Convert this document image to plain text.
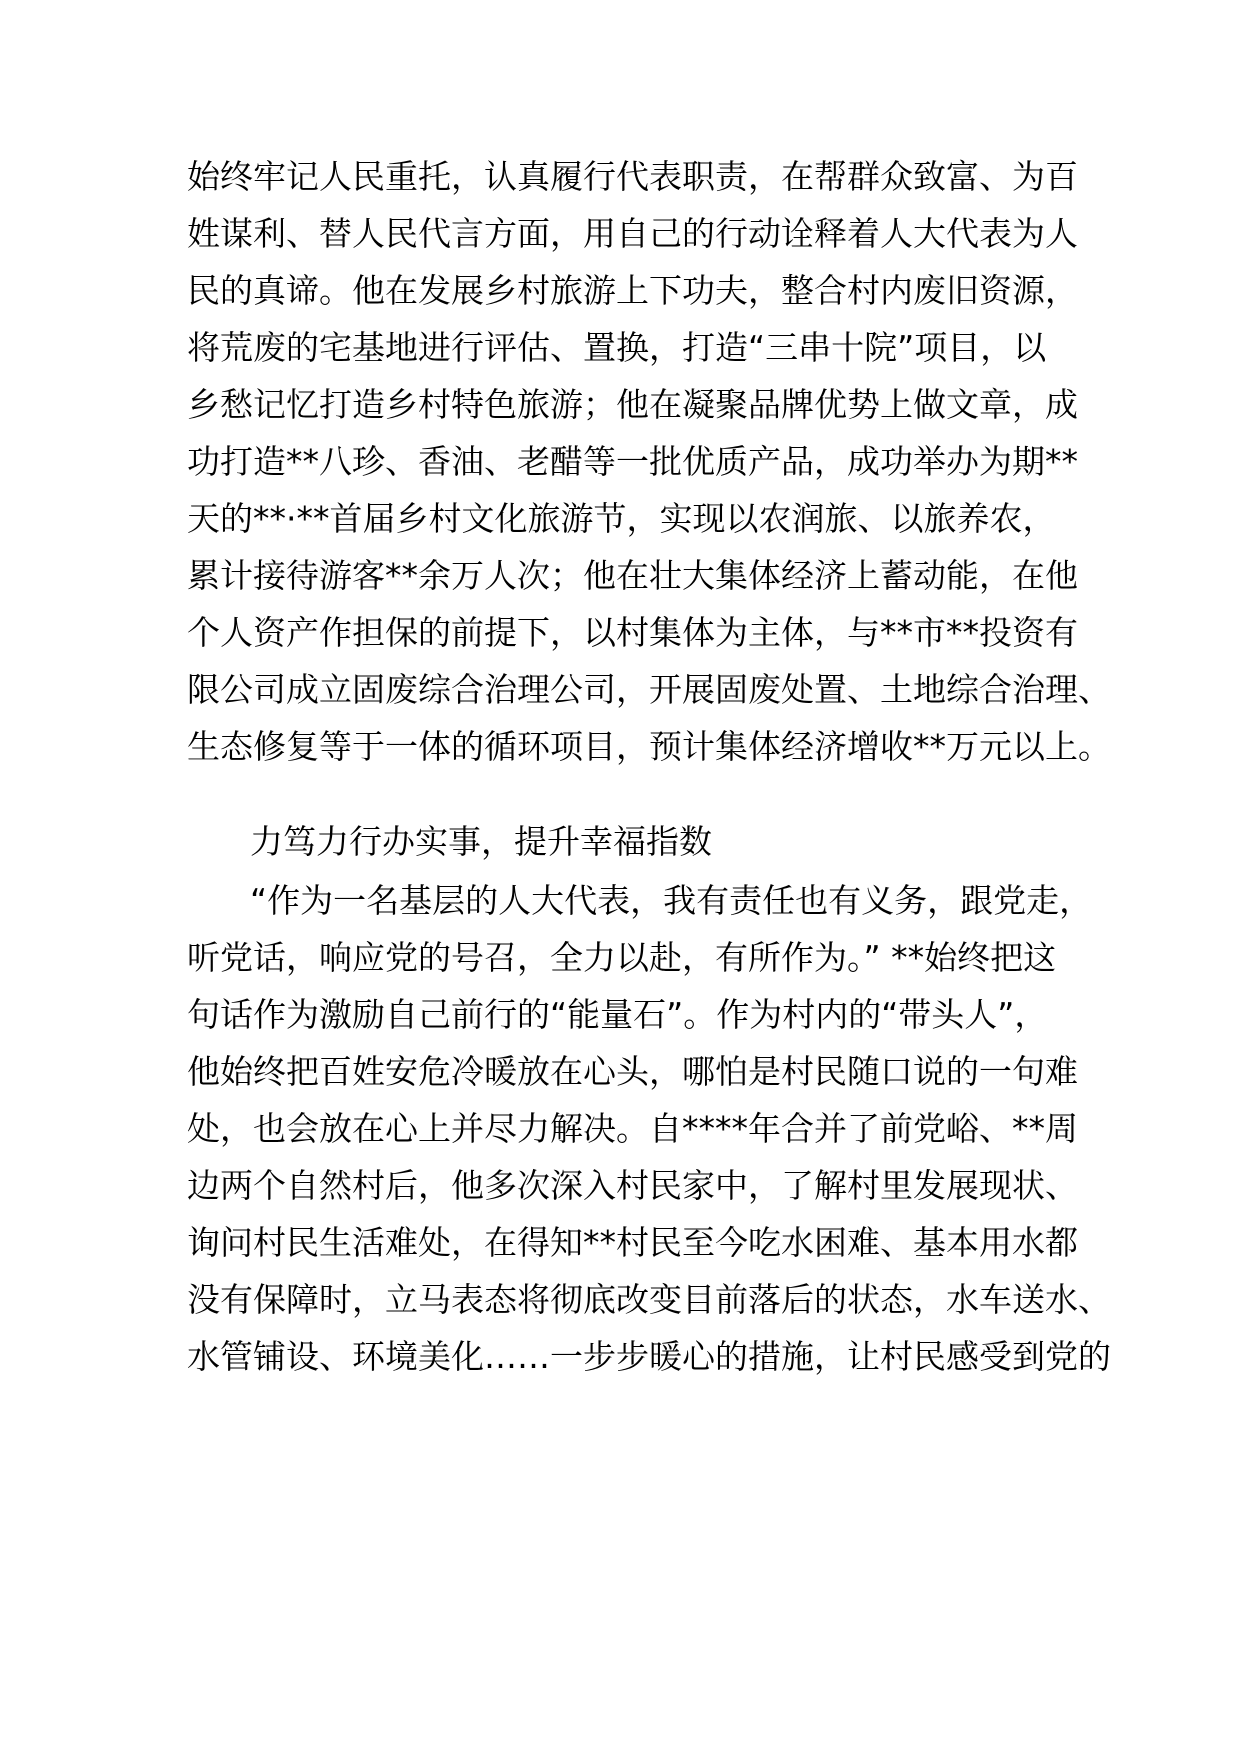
始终牢记人民重托，认真履行代表职责，在帮群众致富、为百
姓谋利、替人民代言方面，用自己的行动诠释着人大代表为人
民的真谛。他在发展乡村旅游上下功夫，整合村内废旧资源，
将荒废的宅基地进行评估、置换，打造“三串十院”项目，以
乡愁记忆打造乡村特色旅游；他在凝聚品牌优势上做文章，成
功打造**八珍、香油、老醋等一批优质产品，成功举办为期**
天的**·**首届乡村文化旅游节，实现以农润旅、以旅养农，
累计接待游客**余万人次；他在壮大集体经济上蓄动能，在他
个人资产作担保的前提下，以村集体为主体，与**市**投资有
限公司成立固废综合治理公司，开展固废处置、土地综合治理、
生态修复等于一体的循环项目，预计集体经济增收**万元以上。
力笃力行办实事，提升幸福指数
“作为一名基层的人大代表，我有责任也有义务，跟党走，
听党话，响应党的号召，全力以赴，有所作为。” **始终把这
句话作为激励自己前行的“能量石”。作为村内的“带头人”，
他始终把百姓安危冷暖放在心头，哪怕是村民随口说的一句难
处，也会放在心上并尽力解决。自****年合并了前党峪、**周
边两个自然村后，他多次深入村民家中，了解村里发展现状、
询问村民生活难处，在得知**村民至今吃水困难、基本用水都
没有保障时，立马表态将彻底改变目前落后的状态，水车送水、
水管铺设、环境美化……一步步暖心的措施，让村民感受到党的
